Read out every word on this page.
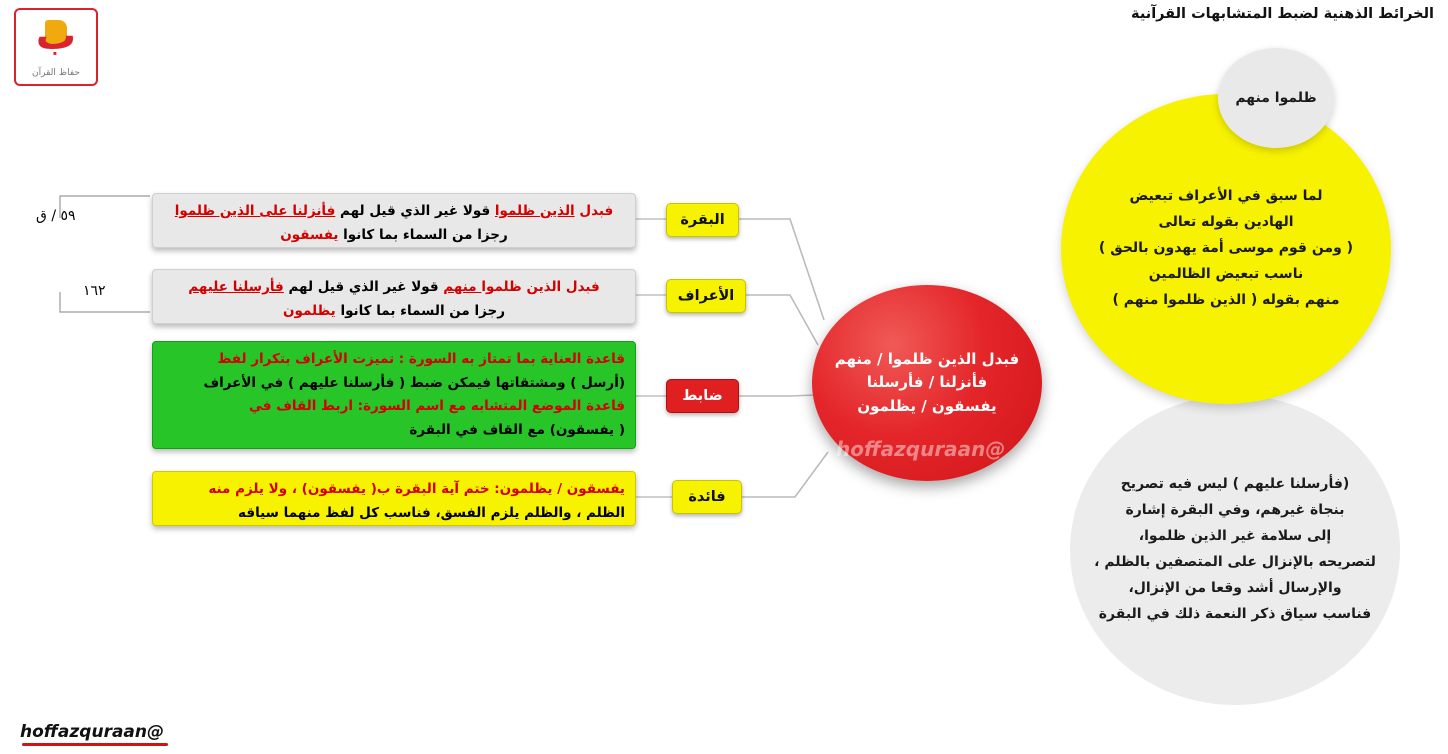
الخرائط الذهنية لضبط المتشابهات القرآنية
ب
حفاظ القرآن
٥٩ / ق
١٦٢
فبدل الذين ظلموا قولا غير الذي قيل لهم فأنزلنا على الذين ظلموا
رجزا من السماء بما كانوا يفسقون
البقرة
فبدل الذين ظلموا منهم قولا غير الذي قيل لهم فأرسلنا عليهم
رجزا من السماء بما كانوا يظلمون
الأعراف
قاعدة العناية بما تمتاز به السورة : تميزت الأعراف بتكرار لفظ
(أرسل ) ومشتقاتها فيمكن ضبط ( فأرسلنا عليهم ) في الأعراف
قاعدة الموضع المتشابه مع اسم السورة: اربط القاف في
( يفسقون) مع القاف في البقرة
ضابط
يفسقون / يظلمون: ختم آية البقرة ب( يفسقون) ، ولا يلزم منه
الظلم ، والظلم يلزم الفسق، فناسب كل لفظ منهما سياقه
فائدة
فبدل الذين ظلموا / منهم
فأنزلنا / فأرسلنا
يفسقون / يظلمون
@hoffazquraan
(فأرسلنا عليهم ) ليس فيه تصريح
بنجاة غيرهم، وفي البقرة إشارة
إلى سلامة غير الذين ظلموا،
لتصريحه بالإنزال على المتصفين بالظلم ،
والإرسال أشد وقعا من الإنزال،
فناسب سياق ذكر النعمة ذلك في البقرة
لما سبق في الأعراف تبعيض
الهادين بقوله تعالى
( ومن قوم موسى أمة يهدون بالحق )
ناسب تبعيض الظالمين
منهم بقوله ( الذين ظلموا منهم )
ظلموا منهم
@hoffazquraan
